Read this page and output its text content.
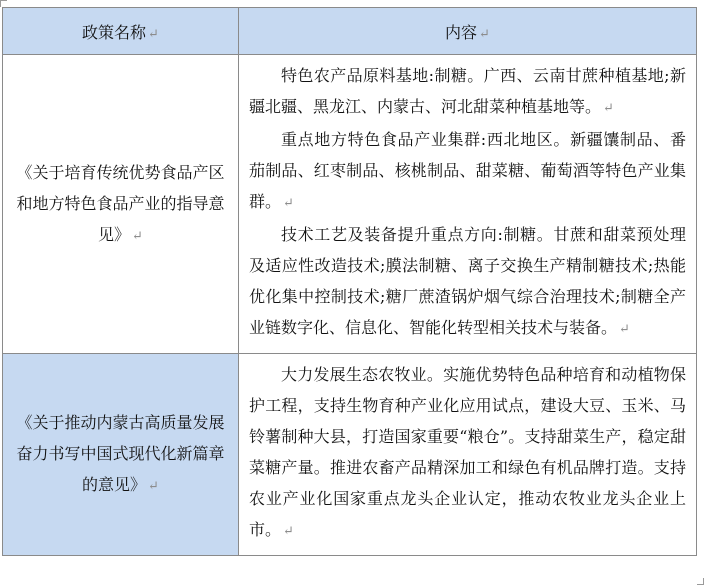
政策名称 ↵	内容 ↵
《关于培育传统优势食品产区和地方特色食品产业的指导意见》 ↵	特色农产品原料基地:制糖。广西、云南甘蔗种植基地;新疆北疆、黑龙江、内蒙古、河北甜菜种植基地等。 ↵

重点地方特色食品产业集群:西北地区。新疆馕制品、番茄制品、红枣制品、核桃制品、甜菜糖、葡萄酒等特色产业集群。 ↵

技术工艺及装备提升重点方向:制糖。甘蔗和甜菜预处理及适应性改造技术;膜法制糖、离子交换生产精制糖技术;热能优化集中控制技术;糖厂蔗渣锅炉烟气综合治理技术;制糖全产业链数字化、信息化、智能化转型相关技术与装备。 ↵

《关于推动内蒙古高质量发展奋力书写中国式现代化新篇章的意见》 ↵	大力发展生态农牧业。实施优势特色品种培育和动植物保护工程，支持生物育种产业化应用试点，建设大豆、玉米、马铃薯制种大县，打造国家重要“粮仓”。支持甜菜生产，稳定甜菜糖产量。推进农畜产品精深加工和绿色有机品牌打造。支持农业产业化国家重点龙头企业认定，推动农牧业龙头企业上市。 ↵
